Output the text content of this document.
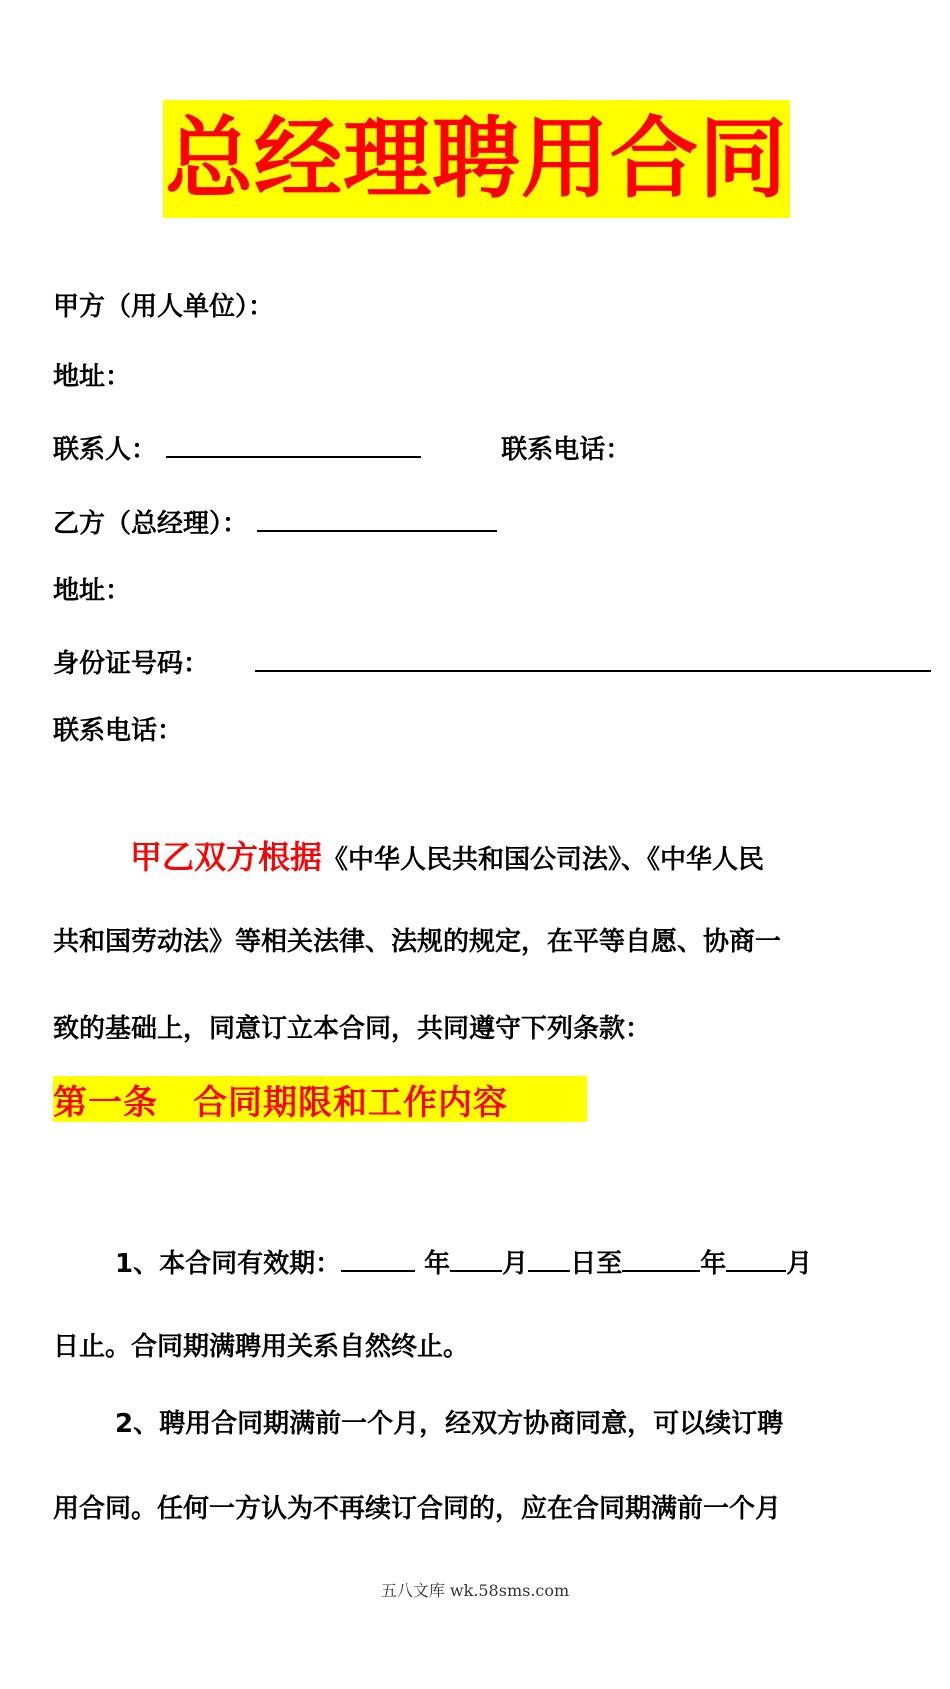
总经理聘用合同
甲方（用人单位）：
地址：
联系人：	联系电话：
乙方（总经理）：
地址：
身份证号码：
联系电话：
甲乙双方根据《中华人民共和国公司法》、《中华人民
共和国劳动法》等相关法律、法规的规定，在平等自愿、协商一
致的基础上，同意订立本合同，共同遵守下列条款：
第一条　合同期限和工作内容
1、本合同有效期：	年 月 日至	年 月
日止。合同期满聘用关系自然终止。
2、聘用合同期满前一个月，经双方协商同意，可以续订聘
用合同。任何一方认为不再续订合同的，应在合同期满前一个月
五八文库 wk.58sms.com
